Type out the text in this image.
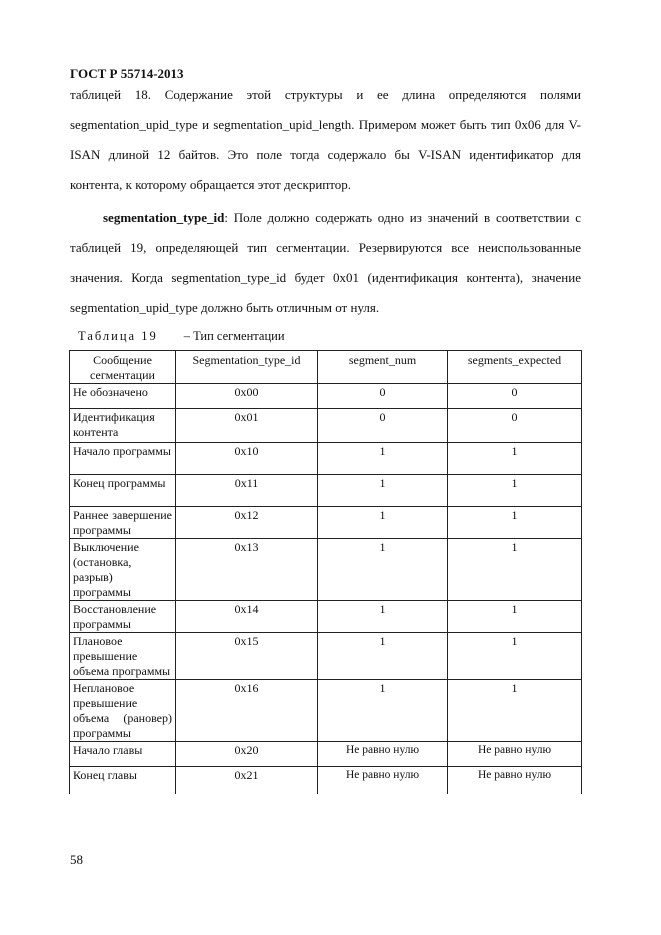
ГОСТ Р 55714-2013
таблицей 18. Содержание этой структуры и ее длина определяются полями segmentation_upid_type и segmentation_upid_length. Примером может быть тип 0x06 для V-ISAN длиной 12 байтов. Это поле тогда содержало бы V-ISAN идентификатор для контента, к которому обращается этот дескриптор.
segmentation_type_id: Поле должно содержать одно из значений в соответствии с таблицей 19, определяющей тип сегментации. Резервируются все неиспользованные значения. Когда segmentation_type_id будет 0x01 (идентификация контента), значение segmentation_upid_type должно быть отличным от нуля.
Таблица 19 – Тип сегментации
Сообщение сегментации	Segmentation_type_id	segment_num	segments_expected
Не обозначено	0x00	0	0
Идентификация контента	0x01	0	0
Начало программы	0x10	1	1
Конец программы	0x11	1	1
Раннее завершение программы	0x12	1	1
Выключение (остановка, разрыв) программы	0x13	1	1
Восстановление программы	0x14	1	1
Плановое превышение объема программы	0x15	1	1
Неплановое превышение объема (рановер) программы	0x16	1	1
Начало главы	0x20	Не равно нулю	Не равно нулю
Конец главы	0x21	Не равно нулю	Не равно нулю
58
